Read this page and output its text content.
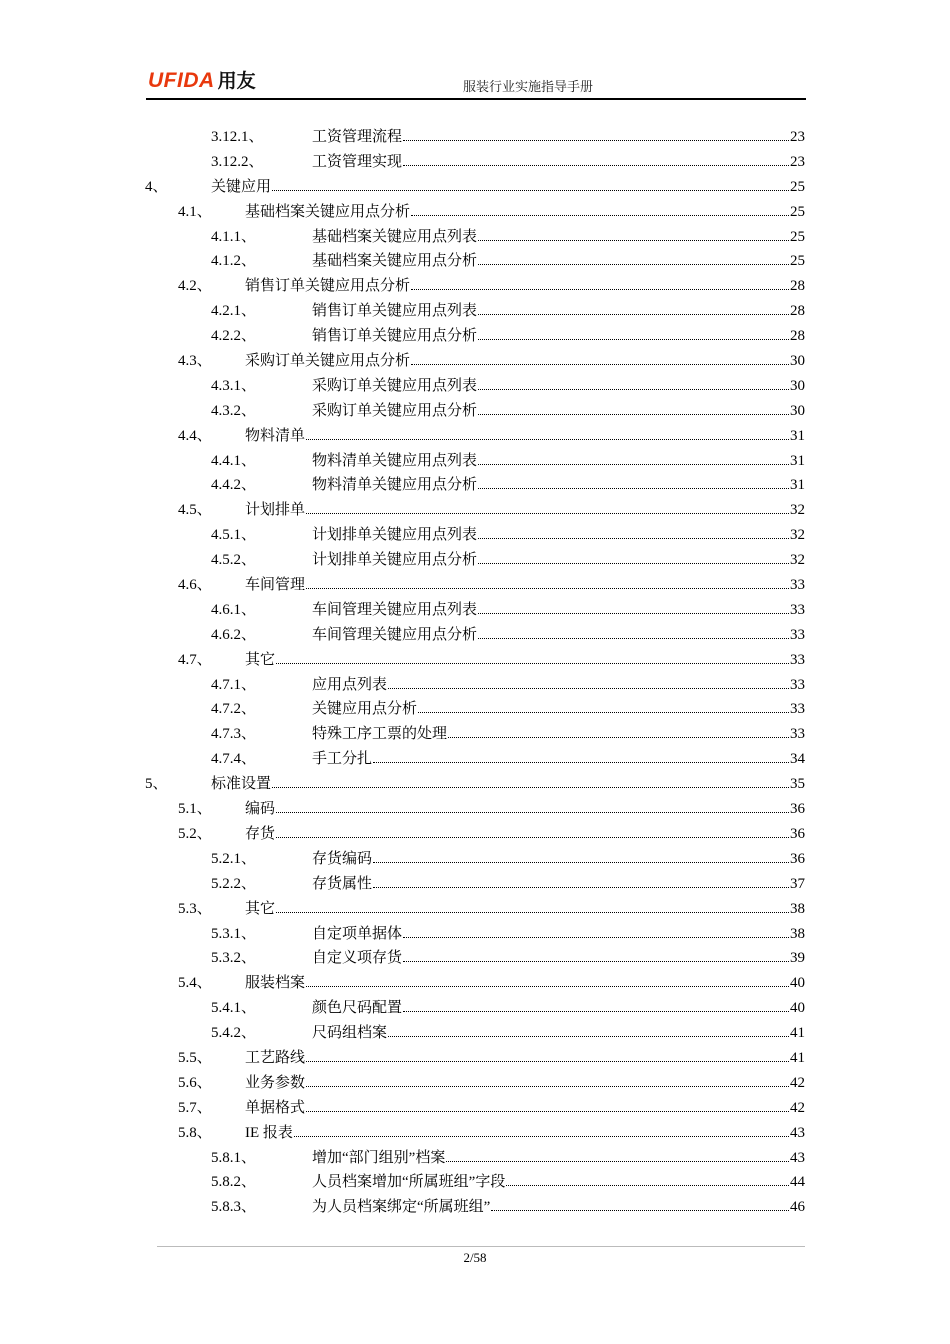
UFIDA 用友	服装行业实施指导手册
3.12.1、	工资管理流程	23
3.12.2、	工资管理实现	23
4、	关键应用	25
4.1、 基础档案关键应用点分析	25
4.1.1、	基础档案关键应用点列表	25
4.1.2、	基础档案关键应用点分析	25
4.2、 销售订单关键应用点分析	28
4.2.1、	销售订单关键应用点列表	28
4.2.2、	销售订单关键应用点分析	28
4.3、 采购订单关键应用点分析	30
4.3.1、	采购订单关键应用点列表	30
4.3.2、	采购订单关键应用点分析	30
4.4、 物料清单	31
4.4.1、	物料清单关键应用点列表	31
4.4.2、	物料清单关键应用点分析	31
4.5、 计划排单	32
4.5.1、	计划排单关键应用点列表	32
4.5.2、	计划排单关键应用点分析	32
4.6、 车间管理	33
4.6.1、	车间管理关键应用点列表	33
4.6.2、	车间管理关键应用点分析	33
4.7、 其它	33
4.7.1、	应用点列表	33
4.7.2、	关键应用点分析	33
4.7.3、	特殊工序工票的处理	33
4.7.4、	手工分扎	34
5、	标准设置	35
5.1、 编码	36
5.2、 存货	36
5.2.1、	存货编码	36
5.2.2、	存货属性	37
5.3、 其它	38
5.3.1、	自定项单据体	38
5.3.2、	自定义项存货	39
5.4、 服装档案	40
5.4.1、	颜色尺码配置	40
5.4.2、	尺码组档案	41
5.5、 工艺路线	41
5.6、 业务参数	42
5.7、 单据格式	42
5.8、 IE 报表	43
5.8.1、	增加“部门组别”档案	43
5.8.2、	人员档案增加“所属班组”字段	44
5.8.3、	为人员档案绑定“所属班组”	46
2/58
